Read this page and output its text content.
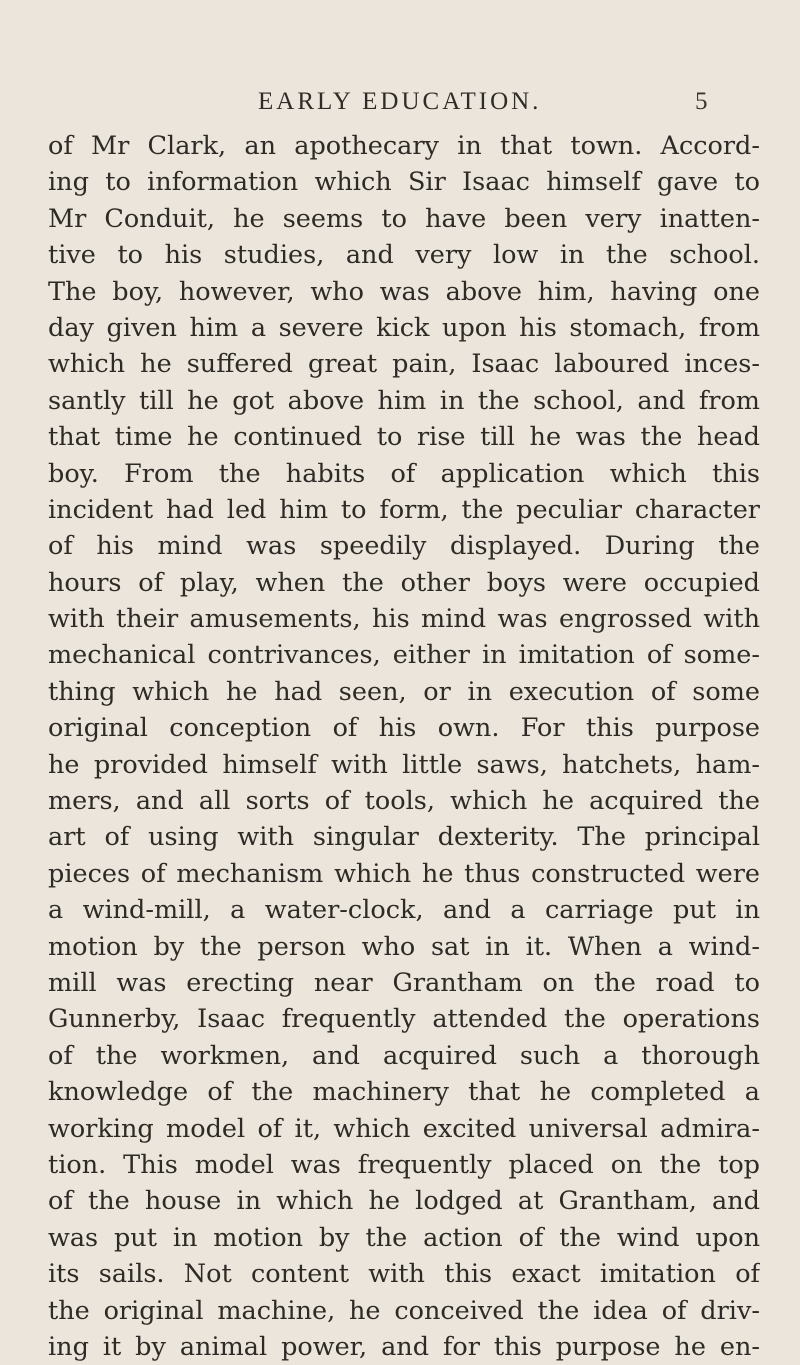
EARLY EDUCATION.	5
of Mr Clark, an apothecary in that town. Accord-
ing to information which Sir Isaac himself gave to
Mr Conduit, he seems to have been very inatten-
tive to his studies, and very low in the school.
The boy, however, who was above him, having one
day given him a severe kick upon his stomach, from
which he suffered great pain, Isaac laboured inces-
santly till he got above him in the school, and from
that time he continued to rise till he was the head
boy. From the habits of application which this
incident had led him to form, the peculiar character
of his mind was speedily displayed. During the
hours of play, when the other boys were occupied
with their amusements, his mind was engrossed with
mechanical contrivances, either in imitation of some-
thing which he had seen, or in execution of some
original conception of his own. For this purpose
he provided himself with little saws, hatchets, ham-
mers, and all sorts of tools, which he acquired the
art of using with singular dexterity. The principal
pieces of mechanism which he thus constructed were
a wind-mill, a water-clock, and a carriage put in
motion by the person who sat in it. When a wind-
mill was erecting near Grantham on the road to
Gunnerby, Isaac frequently attended the operations
of the workmen, and acquired such a thorough
knowledge of the machinery that he completed a
working model of it, which excited universal admira-
tion. This model was frequently placed on the top
of the house in which he lodged at Grantham, and
was put in motion by the action of the wind upon
its sails. Not content with this exact imitation of
the original machine, he conceived the idea of driv-
ing it by animal power, and for this purpose he en-
